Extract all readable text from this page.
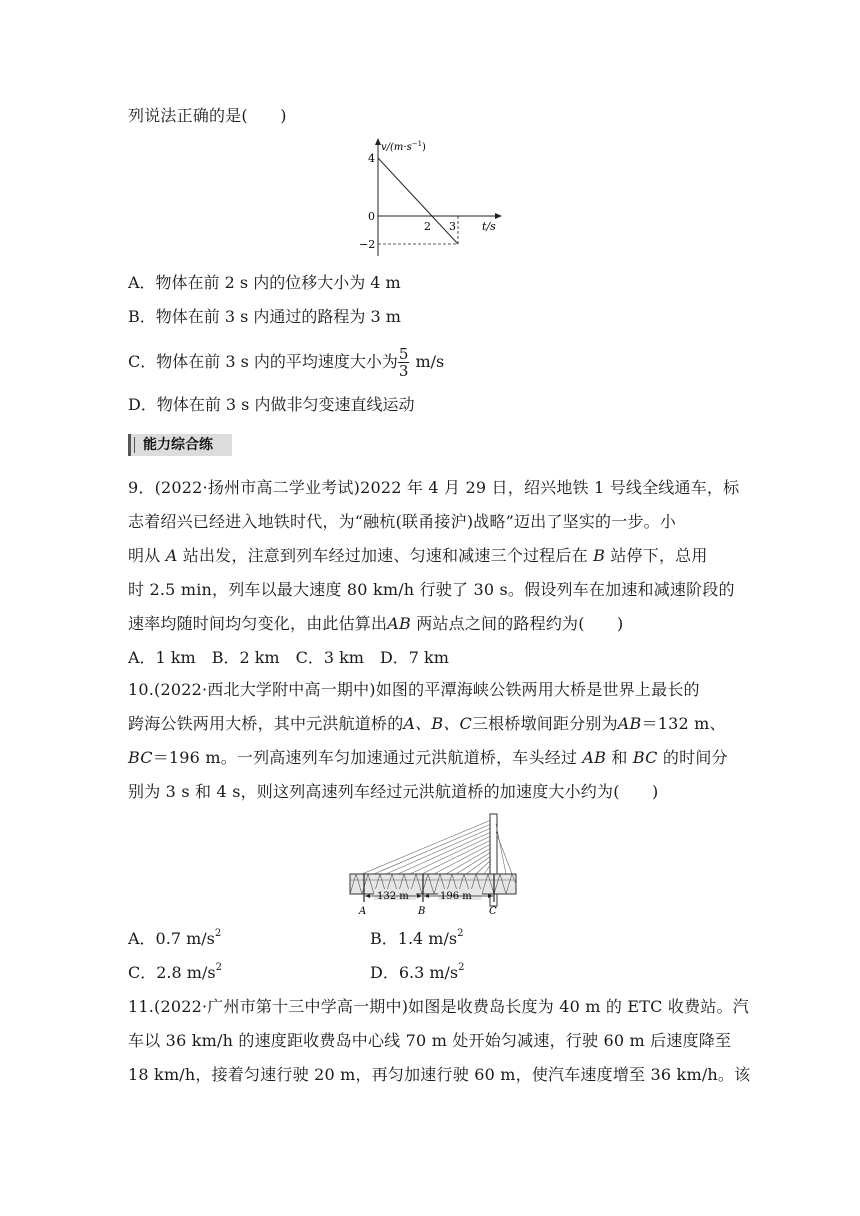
列说法正确的是(　　)
$v/(m\cdot s^{-1})$
4
0
−2
2 3 t/s
A．物体在前 2 s 内的位移大小为 4 m
B．物体在前 3 s 内通过的路程为 3 m
C．物体在前 3 s 内的平均速度大小为 $\frac{5}{3} m/s$
D．物体在前 3 s 内做非匀变速直线运动
能力综合练
9．(2022·扬州市高二学业考试)2022 年 4 月 29 日，绍兴地铁 1 号线全线通车，标
志着绍兴已经进入地铁时代，为“融杭(联甬接沪)战略”迈出了坚实的一步。小
明从 A 站出发，注意到列车经过加速、匀速和减速三个过程后在 B 站停下，总用
时 2.5 min，列车以最大速度 80 km/h 行驶了 30 s。假设列车在加速和减速阶段的
速率均随时间均匀变化，由此估算出AB 两站点之间的路程约为(　　)
A．1 km　B．2 km　C．3 km　D．7 km
10.(2022·西北大学附中高一期中)如图的平潭海峡公铁两用大桥是世界上最长的
跨海公铁两用大桥，其中元洪航道桥的A、B、C三根桥墩间距分别为AB＝132 m、
BC＝196 m。一列高速列车匀加速通过元洪航道桥，车头经过 AB 和 BC 的时间分
别为 3 s 和 4 s，则这列高速列车经过元洪航道桥的加速度大小约为(　　)
132 m	196 m
A	B	C
A．0.7 $m/s^2$	B．1.4 $m/s^2$
C．2.8 $m/s^2$	D．6.3 $m/s^2$
11.(2022·广州市第十三中学高一期中)如图是收费岛长度为 40 m 的 ETC 收费站。汽
车以 36 km/h 的速度距收费岛中心线 70 m 处开始匀减速，行驶 60 m 后速度降至
18 km/h，接着匀速行驶 20 m，再匀加速行驶 60 m，使汽车速度增至 36 km/h。该
